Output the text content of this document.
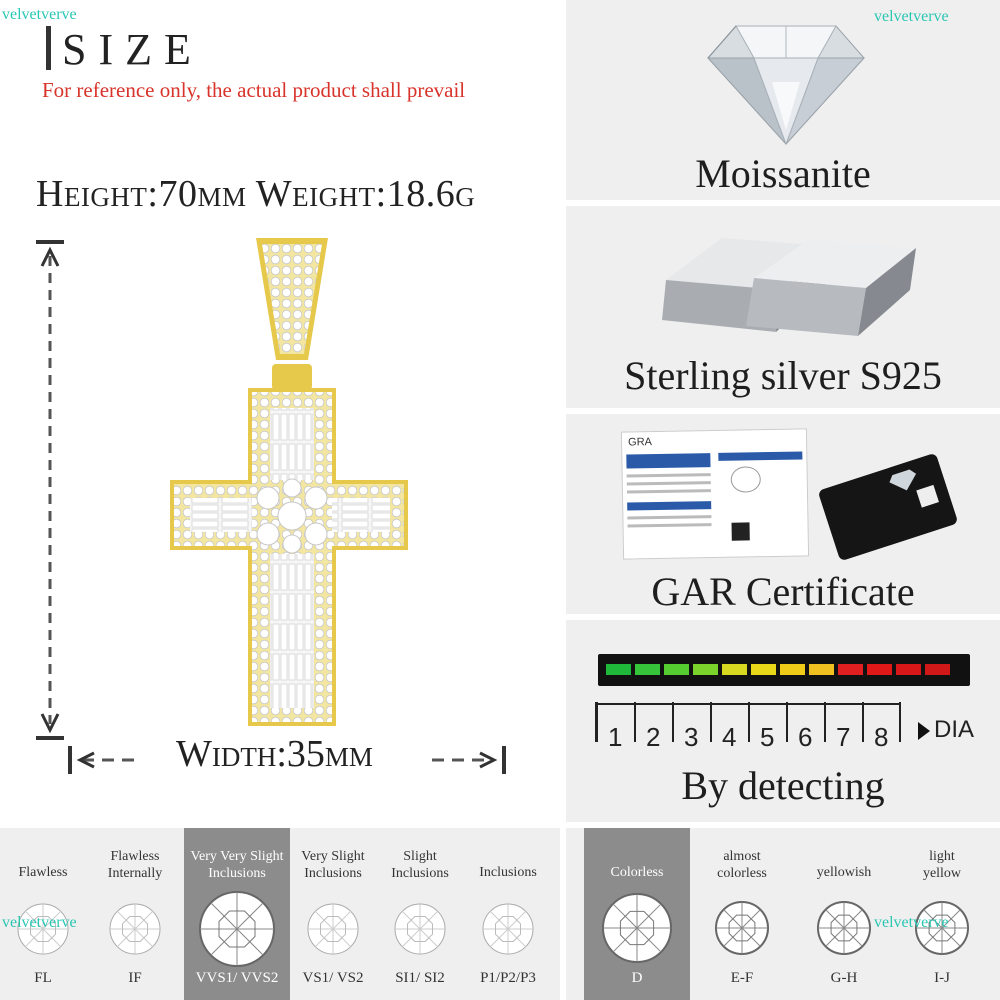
velvetverve
SIZE
For reference only, the actual product shall prevail
Height:70mm Weight:18.6g
Width:35mm
Moissanite
velvetverve
Sterling silver S925
GRA
GAR Certificate
By detecting
1 2 3 4 5 6 7 8 DIA
Flawless
FL
Flawless Internally
IF
Very Very Slight Inclusions
VVS1/ VVS2
Very Slight Inclusions
VS1/ VS2
Slight Inclusions
SI1/ SI2
Inclusions
P1/P2/P3
Colorless
D
almost colorless
E-F
yellowish
G-H
light yellow
I-J
velvetverve	velvetverve
